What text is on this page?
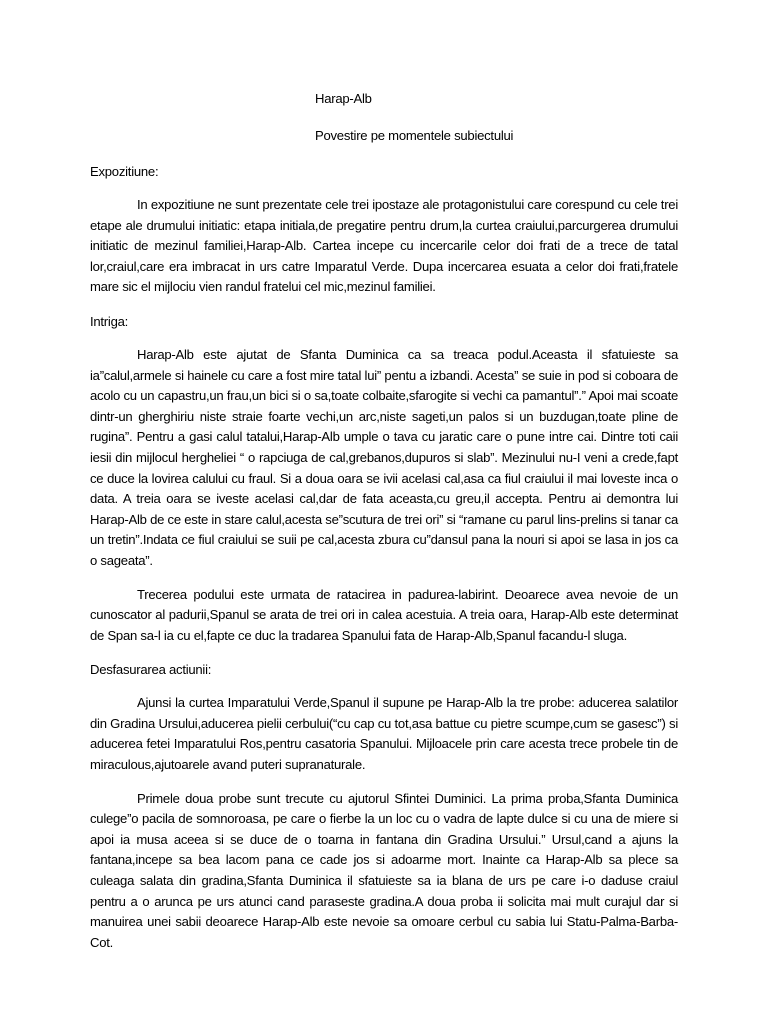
Harap-Alb
Povestire pe momentele subiectului
Expozitiune:

In expozitiune ne sunt prezentate cele trei ipostaze ale protagonistului care corespund cu cele trei etape ale drumului initiatic: etapa initiala,de pregatire pentru drum,la curtea craiului,parcurgerea drumului initiatic de mezinul familiei,Harap-Alb. Cartea incepe cu incercarile celor doi frati de a trece de tatal lor,craiul,care era imbracat in urs catre Imparatul Verde. Dupa incercarea esuata a celor doi frati,fratele mare sic el mijlociu vien randul fratelui cel mic,mezinul familiei.

Intriga:

Harap-Alb este ajutat de Sfanta Duminica ca sa treaca podul.Aceasta il sfatuieste sa ia”calul,armele si hainele cu care a fost mire tatal lui” pentu a izbandi. Acesta” se suie in pod si coboara de acolo cu un capastru,un frau,un bici si o sa,toate colbaite,sfarogite si vechi ca pamantul”.” Apoi mai scoate dintr-un gherghiriu niste straie foarte vechi,un arc,niste sageti,un palos si un buzdugan,toate pline de rugina”. Pentru a gasi calul tatalui,Harap-Alb umple o tava cu jaratic care o pune intre cai. Dintre toti caii iesii din mijlocul hergheliei “ o rapciuga de cal,grebanos,dupuros si slab”. Mezinului nu-I veni a crede,fapt ce duce la lovirea calului cu fraul. Si a doua oara se ivii acelasi cal,asa ca fiul craiului il mai loveste inca o data. A treia oara se iveste acelasi cal,dar de fata aceasta,cu greu,il accepta. Pentru ai demontra lui Harap-Alb de ce este in stare calul,acesta se”scutura de trei ori” si “ramane cu parul lins-prelins si tanar ca un tretin”.Indata ce fiul craiului se suii pe cal,acesta zbura cu”dansul pana la nouri si apoi se lasa in jos ca o sageata”.

Trecerea podului este urmata de ratacirea in padurea-labirint. Deoarece avea nevoie de un cunoscator al padurii,Spanul se arata de trei ori in calea acestuia. A treia oara, Harap-Alb este determinat de Span sa-l ia cu el,fapte ce duc la tradarea Spanului fata de Harap-Alb,Spanul facandu-l sluga.

Desfasurarea actiunii:

Ajunsi la curtea Imparatului Verde,Spanul il supune pe Harap-Alb la tre probe: aducerea salatilor din Gradina Ursului,aducerea pielii cerbului(“cu cap cu tot,asa battue cu pietre scumpe,cum se gasesc”) si aducerea fetei Imparatului Ros,pentru casatoria Spanului. Mijloacele prin care acesta trece probele tin de miraculous,ajutoarele avand puteri supranaturale.

Primele doua probe sunt trecute cu ajutorul Sfintei Duminici. La prima proba,Sfanta Duminica culege”o pacila de somnoroasa, pe care o fierbe la un loc cu o vadra de lapte dulce si cu una de miere si apoi ia musa aceea si se duce de o toarna in fantana din Gradina Ursului.” Ursul,cand a ajuns la fantana,incepe sa bea lacom pana ce cade jos si adoarme mort. Inainte ca Harap-Alb sa plece sa culeaga salata din gradina,Sfanta Duminica il sfatuieste sa ia blana de urs pe care i-o daduse craiul pentru a o arunca pe urs atunci cand paraseste gradina.A doua proba ii solicita mai mult curajul dar si manuirea unei sabii deoarece Harap-Alb este nevoie sa omoare cerbul cu sabia lui Statu-Palma-Barba-Cot.
